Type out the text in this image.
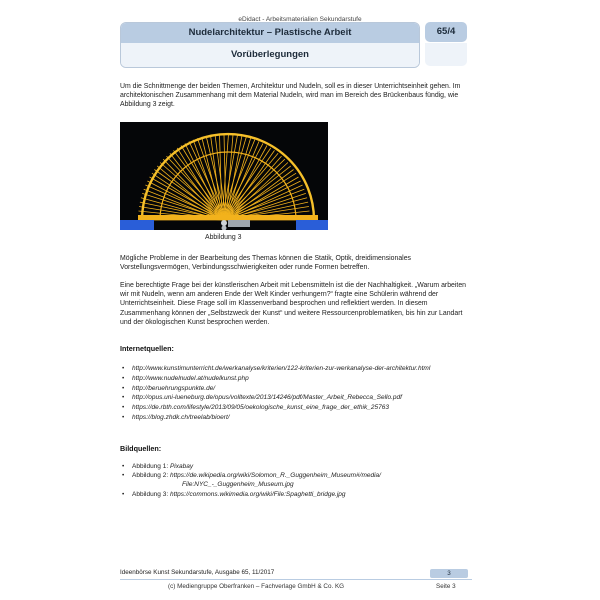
eDidact - Arbeitsmaterialien Sekundarstufe
Nudelarchitektur – Plastische Arbeit
Vorüberlegungen
65/4
Um die Schnittmenge der beiden Themen, Architektur und Nudeln, soll es in dieser Unterrichtseinheit gehen. Im architektonischen Zusammenhang mit dem Material Nudeln, wird man im Bereich des Brückenbaus fündig, wie Abbildung 3 zeigt.
Abbildung 3
Mögliche Probleme in der Bearbeitung des Themas können die Statik, Optik, dreidimensionales Vorstellungsvermögen, Verbindungsschwierigkeiten oder runde Formen betreffen.
Eine berechtigte Frage bei der künstlerischen Arbeit mit Lebensmitteln ist die der Nachhaltigkeit. „Warum arbeiten wir mit Nudeln, wenn am anderen Ende der Welt Kinder verhungern?“ fragte eine Schülerin während der Unterrichtseinheit. Diese Frage soll im Klassenverband besprochen und reflektiert werden. In diesem Zusammenhang können der „Selbstzweck der Kunst“ und weitere Ressourcenproblematiken, bis hin zur Landart und der ökologischen Kunst besprochen werden.
Internetquellen:
• http://www.kunstimunterricht.de/werkanalyse/kriterien/122-kriterien-zur-werkanalyse-der-architektur.html
• http://www.nudelnudel.at/nudelkunst.php
• http://beruehrungspunkte.de/
• http://opus.uni-lueneburg.de/opus/volltexte/2013/14246/pdf/Master_Arbeit_Rebecca_Sello.pdf
• https://de.rbth.com/lifestyle/2013/09/05/oekologische_kunst_eine_frage_der_ethik_25763
• https://blog.zhdk.ch/treelab/bioert/
Bildquellen:
• Abbildung 1: Pixabay
• Abbildung 2: https://de.wikipedia.org/wiki/Solomon_R._Guggenheim_Museum#/media/
File:NYC_-_Guggenheim_Museum.jpg
• Abbildung 3: https://commons.wikimedia.org/wiki/File:Spaghetti_bridge.jpg
Ideenbörse Kunst Sekundarstufe, Ausgabe 65, 11/2017	3
(c) Mediengruppe Oberfranken – Fachverlage GmbH & Co. KG	Seite 3
